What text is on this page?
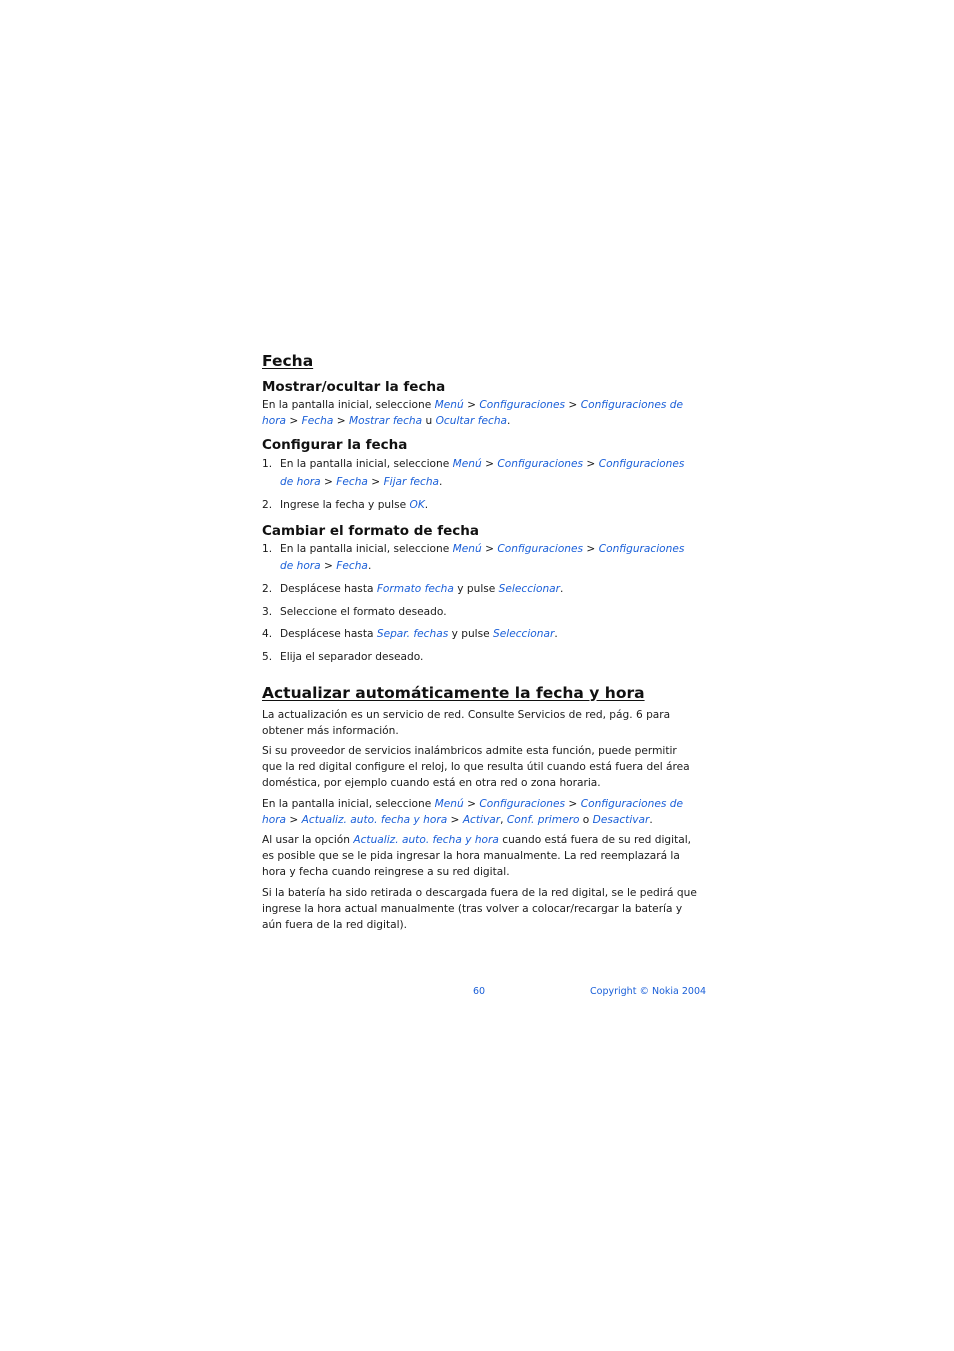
Fecha
Mostrar/ocultar la fecha

En la pantalla inicial, seleccione Menú > Configuraciones > Configuraciones de hora > Fecha > Mostrar fecha u Ocultar fecha.

Configurar la fecha
1. En la pantalla inicial, seleccione Menú > Configuraciones > Configuraciones
de hora > Fecha > Fijar fecha.
2. Ingrese la fecha y pulse OK.
Cambiar el formato de fecha
1. En la pantalla inicial, seleccione Menú > Configuraciones > Configuraciones
de hora > Fecha.
2. Desplácese hasta Formato fecha y pulse Seleccionar.
3. Seleccione el formato deseado.
4. Desplácese hasta Separ. fechas y pulse Seleccionar.
5. Elija el separador deseado.
Actualizar automáticamente la fecha y hora

La actualización es un servicio de red. Consulte Servicios de red, pág. 6 para obtener más información.

Si su proveedor de servicios inalámbricos admite esta función, puede permitir que la red digital configure el reloj, lo que resulta útil cuando está fuera del área doméstica, por ejemplo cuando está en otra red o zona horaria.

En la pantalla inicial, seleccione Menú > Configuraciones > Configuraciones de hora > Actualiz. auto. fecha y hora > Activar, Conf. primero o Desactivar.

Al usar la opción Actualiz. auto. fecha y hora cuando está fuera de su red digital, es posible que se le pida ingresar la hora manualmente. La red reemplazará la hora y fecha cuando reingrese a su red digital.

Si la batería ha sido retirada o descargada fuera de la red digital, se le pedirá que ingrese la hora actual manualmente (tras volver a colocar/recargar la batería y aún fuera de la red digital).

60	Copyright © Nokia 2004
